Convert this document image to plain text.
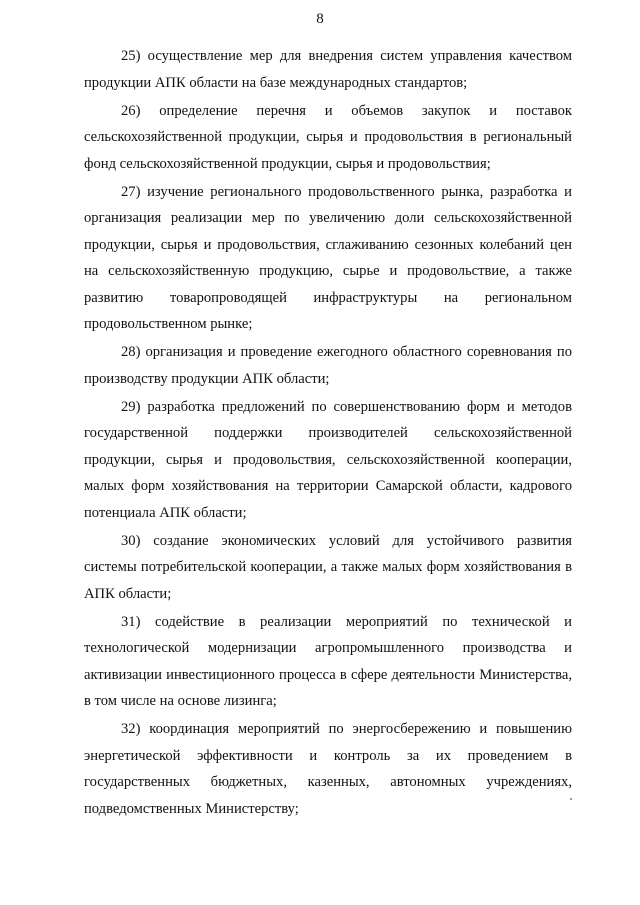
8

25) осуществление мер для внедрения систем управления качеством продукции АПК области на базе международных стандартов;

26) определение перечня и объемов закупок и поставок сельскохозяйственной продукции, сырья и продовольствия в региональный фонд сельскохозяйственной продукции, сырья и продовольствия;

27) изучение регионального продовольственного рынка, разработка и организация реализации мер по увеличению доли сельскохозяйственной продукции, сырья и продовольствия, сглаживанию сезонных колебаний цен на сельскохозяйственную продукцию, сырье и продовольствие, а также развитию товаропроводящей инфраструктуры на региональном продовольственном рынке;

28) организация и проведение ежегодного областного соревнования по производству продукции АПК области;

29) разработка предложений по совершенствованию форм и методов государственной поддержки производителей сельскохозяйственной продукции, сырья и продовольствия, сельскохозяйственной кооперации, малых форм хозяйствования на территории Самарской области, кадрового потенциала АПК области;

30) создание экономических условий для устойчивого развития системы потребительской кооперации, а также малых форм хозяйствования в АПК области;

31) содействие в реализации мероприятий по технической и технологической модернизации агропромышленного производства и активизации инвестиционного процесса в сфере деятельности Министерства, в том числе на основе лизинга;

32) координация мероприятий по энергосбережению и повышению энергетической эффективности и контроль за их проведением в государственных бюджетных, казенных, автономных учреждениях, подведомственных Министерству;
